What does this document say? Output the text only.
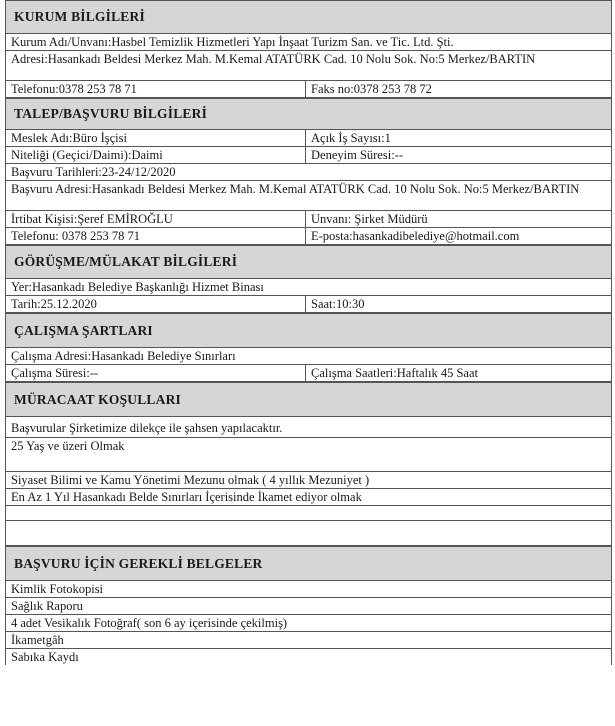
KURUM BİLGİLERİ
Kurum Adı/Unvanı:Hasbel Temizlik Hizmetleri Yapı İnşaat Turizm San. ve Tic. Ltd. Şti.
Adresi:Hasankadı Beldesi Merkez Mah. M.Kemal ATATÜRK Cad. 10 Nolu Sok. No:5 Merkez/BARTIN
Telefonu:0378 253 78 71	Faks no:0378 253 78 72
TALEP/BAŞVURU BİLGİLERİ
Meslek Adı:Büro İşçisi	Açık İş Sayısı:1
Niteliği (Geçici/Daimi):Daimi	Deneyim Süresi:--
Başvuru Tarihleri:23-24/12/2020
Başvuru Adresi:Hasankadı Beldesi Merkez Mah. M.Kemal ATATÜRK Cad. 10 Nolu Sok. No:5 Merkez/BARTIN
İrtibat Kişisi:Şeref EMİROĞLU	Unvanı: Şirket Müdürü
Telefonu: 0378 253 78 71	E-posta:hasankadibelediye@hotmail.com
GÖRÜŞME/MÜLAKAT BİLGİLERİ
Yer:Hasankadı Belediye Başkanlığı Hizmet Binası
Tarih:25.12.2020	Saat:10:30
ÇALIŞMA ŞARTLARI
Çalışma Adresi:Hasankadı Belediye Sınırları
Çalışma Süresi:--	Çalışma Saatleri:Haftalık 45 Saat
MÜRACAAT KOŞULLARI
Başvurular Şirketimize dilekçe ile şahsen yapılacaktır.
25 Yaş ve üzeri Olmak
Siyaset Bilimi ve Kamu Yönetimi Mezunu olmak ( 4 yıllık Mezuniyet )
En Az 1 Yıl Hasankadı Belde Sınırları İçerisinde İkamet ediyor olmak
BAŞVURU İÇİN GEREKLİ BELGELER
Kimlik Fotokopisi
Sağlık Raporu
4 adet Vesikalık Fotoğraf( son 6 ay içerisinde çekilmiş)
İkametgâh
Sabıka Kaydı
